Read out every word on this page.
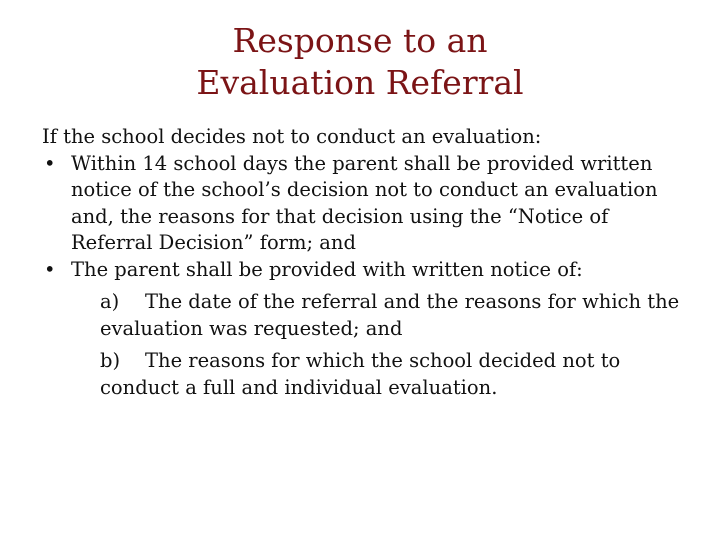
Response to an
Evaluation Referral

If the school decides not to conduct an evaluation:

• Within 14 school days the parent shall be provided written notice of the school’s decision not to conduct an evaluation and, the reasons for that decision using the “Notice of Referral Decision” form; and
• The parent shall be provided with written notice of:
a) The date of the referral and the reasons for which the evaluation was requested; and
b) The reasons for which the school decided not to conduct a full and individual evaluation.
